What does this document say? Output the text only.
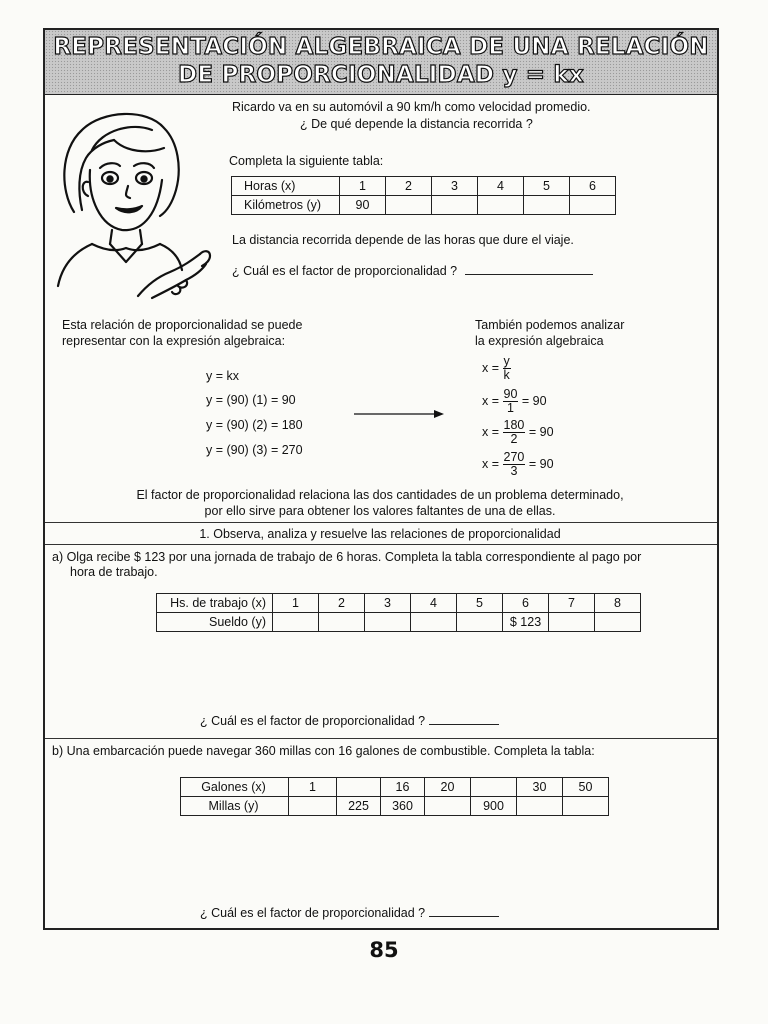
REPRESENTACIÓN ALGEBRAICA DE UNA RELACIÓN
DE PROPORCIONALIDAD y = kx
Ricardo va en su automóvil a 90 km/h como velocidad promedio.
¿ De qué depende la distancia recorrida ?
Completa la siguiente tabla:
Horas (x)	1	2	3	4	5	6
Kilómetros (y)	90					
La distancia recorrida depende de las horas que dure el viaje.
¿ Cuál es el factor de proporcionalidad ?
Esta relación de proporcionalidad se puede
representar con la expresión algebraica:
y = kx
y = (90) (1) = 90
y = (90) (2) = 180
y = (90) (3) = 270
También podemos analizar
la expresión algebraica
$x = \frac{y}{k}$
$x = \frac{90}{1} = 90$
$x = \frac{180}{2} = 90$
$x = \frac{270}{3} = 90$
El factor de proporcionalidad relaciona las dos cantidades de un problema determinado,
por ello sirve para obtener los valores faltantes de una de ellas.
1. Observa, analiza y resuelve las relaciones de proporcionalidad
a) Olga recibe $ 123 por una jornada de trabajo de 6 horas. Completa la tabla correspondiente al pago por
hora de trabajo.
Hs. de trabajo (x)	1	2	3	4	5	6	7	8
Sueldo (y)						$ 123		
¿ Cuál es el factor de proporcionalidad ?
b) Una embarcación puede navegar 360 millas con 16 galones de combustible. Completa la tabla:
Galones (x)	1		16	20		30	50
Millas (y)		225	360		900		
¿ Cuál es el factor de proporcionalidad ?
85
